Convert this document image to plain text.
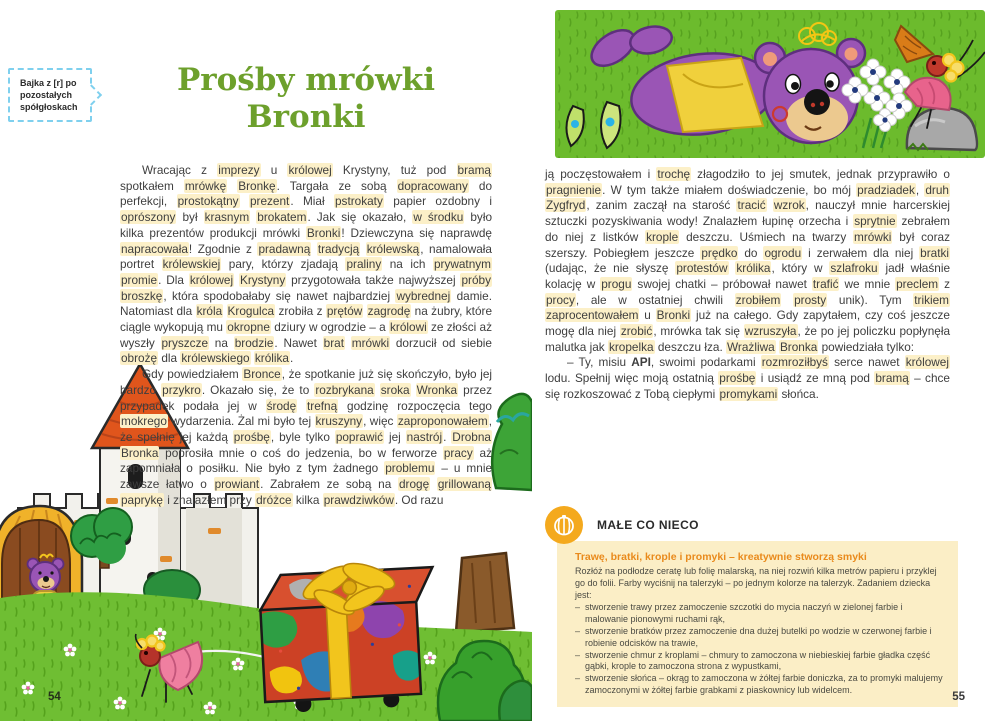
Bajka z [r] po pozostałych spółgłoskach
Prośby mrówki
Bronki

Wracając z imprezy u królowej Krystyny, tuż pod bramą spotkałem mrówkę Bronkę. Targała ze sobą dopracowany do perfekcji, prostokątny prezent. Miał pstrokaty papier ozdobny i oprószony był krasnym brokatem. Jak się okazało, w środku było kilka prezentów produkcji mrówki Bronki! Dziewczyna się naprawdę napracowała! Zgodnie z pradawną tradycją królewską, namalowała portret królewskiej pary, którzy zjadają praliny na ich prywatnym promie. Dla królowej Krystyny przygotowała także najwyższej próby broszkę, która spodobałaby się nawet najbardziej wybrednej damie. Natomiast dla króla Krogulca zrobiła z prętów zagrodę na żubry, które ciągle wykopują mu okropne dziury w ogrodzie – a królowi ze złości aż wyszły pryszcze na brodzie. Nawet brat mrówki dorzucił od siebie obrożę dla królewskiego królika.

Gdy powiedziałem Bronce, że spotkanie już się skończyło, było jej bardzo przykro. Okazało się, że to rozbrykana sroka Wronka przez przypadek podała jej w środę trefną godzinę rozpoczęcia tego mokrego wydarzenia. Żal mi było tej kruszyny, więc zaproponowałem, że spełnię jej każdą prośbę, byle tylko poprawić jej nastrój. Drobna Bronka poprosiła mnie o coś do jedzenia, bo w ferworze pracy aż zapomniała o posiłku. Nie było z tym żadnego problemu – u mnie zawsze łatwo o prowiant. Zabrałem ze sobą na drogę grillowaną paprykę i znalazłem przy dróżce kilka prawdziwków. Od razu

54

ją poczęstowałem i trochę złagodziło to jej smutek, jednak przyprawiło o pragnienie. W tym także miałem doświadczenie, bo mój pradziadek, druh Zygfryd, zanim zaczął na starość tracić wzrok, nauczył mnie harcerskiej sztuczki pozyskiwania wody! Znalazłem łupinę orzecha i sprytnie zebrałem do niej z listków krople deszczu. Uśmiech na twarzy mrówki był coraz szerszy. Pobiegłem jeszcze prędko do ogrodu i zerwałem dla niej bratki (udając, że nie słyszę protestów królika, który w szlafroku jadł właśnie kolację w progu swojej chatki – próbował nawet trafić we mnie preclem z procy, ale w ostatniej chwili zrobiłem prosty unik). Tym trikiem zaprocentowałem u Bronki już na całego. Gdy zapytałem, czy coś jeszcze mogę dla niej zrobić, mrówka tak się wzruszyła, że po jej policzku popłynęła malutka jak kropelka deszczu łza. Wrażliwa Bronka powiedziała tylko:

– Ty, misiu API, swoimi podarkami rozmroziłbyś serce nawet królowej lodu. Spełnij więc moją ostatnią prośbę i usiądź ze mną pod bramą – chce się rozkoszować z Tobą ciepłymi promykami słońca.

MAŁE CO NIECO

Trawę, bratki, krople i promyki – kreatywnie stworzą smyki

Rozłóż na podłodze ceratę lub folię malarską, na niej rozwiń kilka metrów papieru i przyklej go do folii. Farby wyciśnij na talerzyki – po jednym kolorze na talerzyk. Zadaniem dziecka jest:

– stworzenie trawy przez zamoczenie szczotki do mycia naczyń w zielonej farbie i malowanie pionowymi ruchami rąk,
– stworzenie bratków przez zamoczenie dna dużej butelki po wodzie w czerwonej farbie i robienie odcisków na trawie,
– stworzenie chmur z kroplami – chmury to zamoczona w niebieskiej farbie gładka część gąbki, krople to zamoczona strona z wypustkami,
– stworzenie słońca – okrąg to zamoczona w żółtej farbie doniczka, za to promyki malujemy zamoczonymi w żółtej farbie grabkami z piaskownicy lub widelcem.
55
